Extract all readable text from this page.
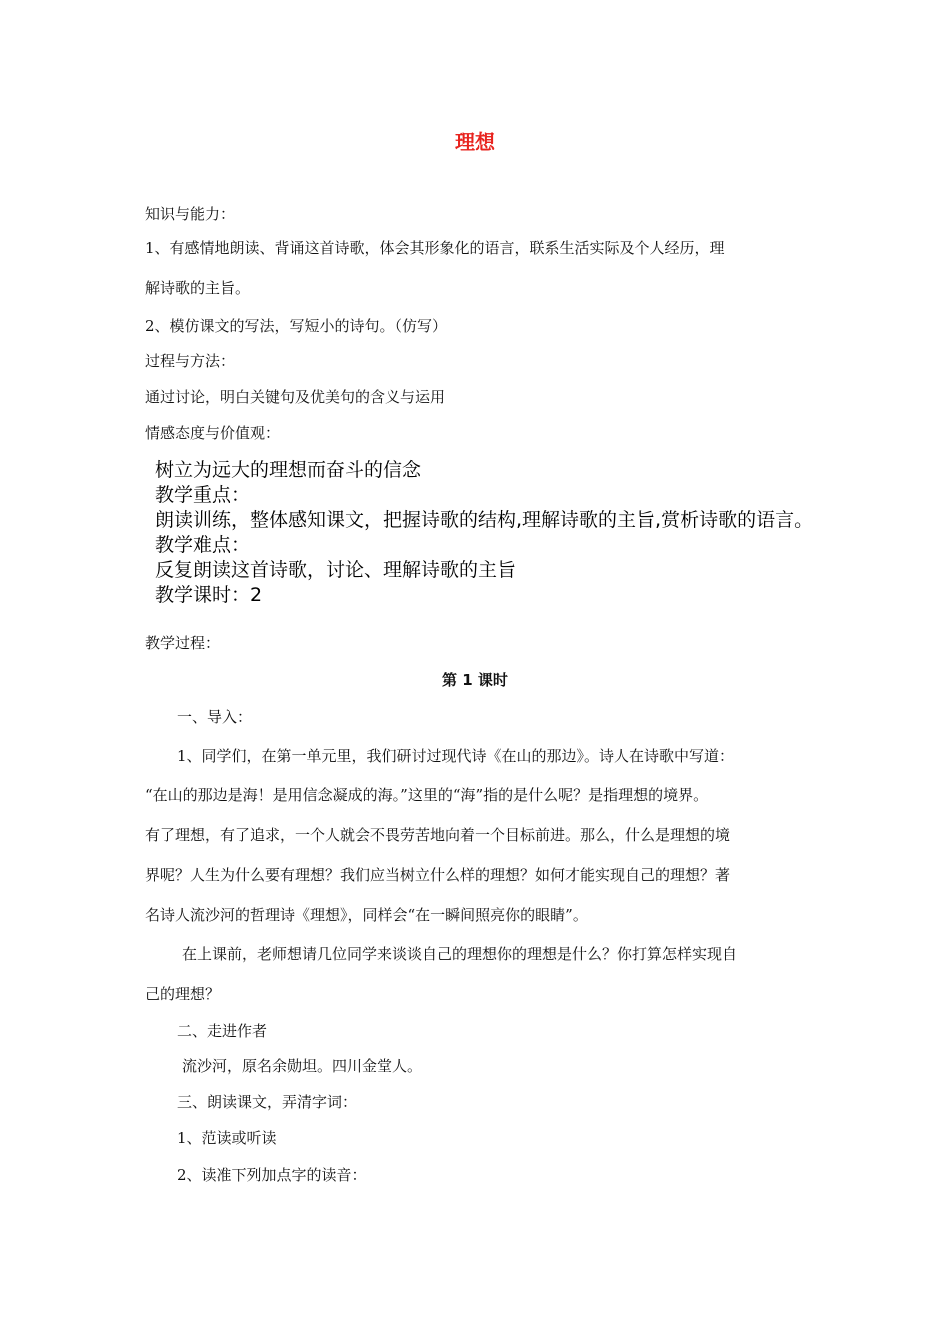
理想
知识与能力：
1、有感情地朗读、背诵这首诗歌，体会其形象化的语言，联系生活实际及个人经历，理
解诗歌的主旨。
2、模仿课文的写法，写短小的诗句。（仿写）
过程与方法：
通过讨论，明白关键句及优美句的含义与运用
情感态度与价值观：
树立为远大的理想而奋斗的信念
教学重点：
朗读训练，整体感知课文，把握诗歌的结构,理解诗歌的主旨,赏析诗歌的语言。
教学难点：
反复朗读这首诗歌，讨论、理解诗歌的主旨
教学课时：2
教学过程：
第 1 课时
一、导入：
1、同学们，在第一单元里，我们研讨过现代诗《在山的那边》。诗人在诗歌中写道：
“在山的那边是海！是用信念凝成的海。”这里的“海”指的是什么呢？是指理想的境界。
有了理想，有了追求，一个人就会不畏劳苦地向着一个目标前进。那么，什么是理想的境
界呢？人生为什么要有理想？我们应当树立什么样的理想？如何才能实现自己的理想？著
名诗人流沙河的哲理诗《理想》，同样会“在一瞬间照亮你的眼睛”。
在上课前，老师想请几位同学来谈谈自己的理想你的理想是什么？你打算怎样实现自
己的理想？
二、走进作者
流沙河，原名余勋坦。四川金堂人。
三、朗读课文，弄清字词：
1、范读或听读
2、读准下列加点字的读音：
